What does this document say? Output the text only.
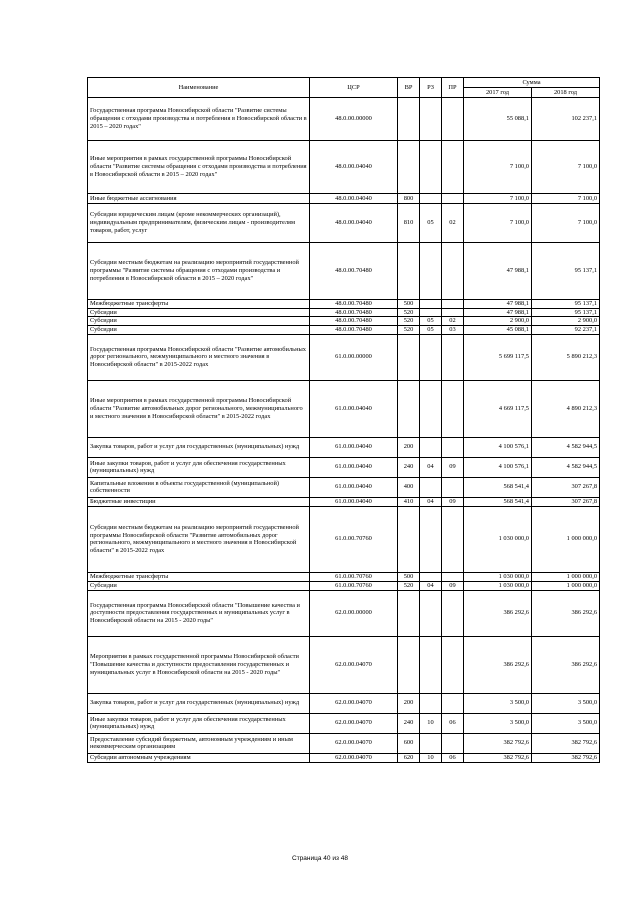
Наименование	ЦСР	ВР	РЗ	ПР	Сумма	
					2017 год	2018 год
Государственная программа Новосибирской области "Развитие системы обращения с отходами производства и потребления в Новосибирской области в 2015 – 2020 годах"	48.0.00.00000				55 088,1	102 237,1
Иные мероприятия в рамках государственной программы Новосибирской области "Развитие системы обращения с отходами производства и потребления в Новосибирской области в 2015 – 2020 годах"	48.0.00.04040				7 100,0	7 100,0
Иные бюджетные ассигнования	48.0.00.04040	800			7 100,0	7 100,0
Субсидии юридическим лицам (кроме некоммерческих организаций), индивидуальным предпринимателям, физическим лицам - производителям товаров, работ, услуг	48.0.00.04040	810	05	02	7 100,0	7 100,0
Субсидии местным бюджетам на реализацию мероприятий государственной программы "Развитие системы обращения с отходами производства и потребления в Новосибирской области в 2015 – 2020 годах"	48.0.00.70480				47 988,1	95 137,1
Межбюджетные трансферты	48.0.00.70480	500			47 988,1	95 137,1
Субсидии	48.0.00.70480	520			47 988,1	95 137,1
Субсидии	48.0.00.70480	520	05	02	2 900,0	2 900,0
Субсидии	48.0.00.70480	520	05	03	45 088,1	92 237,1
Государственная программа Новосибирской области "Развитие автомобильных дорог регионального, межмуниципального и местного значения в Новосибирской области" в 2015-2022 годах	61.0.00.00000				5 699 117,5	5 890 212,3
Иные мероприятия в рамках государственной программы Новосибирской области "Развитие автомобильных дорог регионального, межмуниципального и местного значения в Новосибирской области" в 2015-2022 годах	61.0.00.04040				4 669 117,5	4 890 212,3
Закупка товаров, работ и услуг для государственных (муниципальных) нужд	61.0.00.04040	200			4 100 576,1	4 582 944,5
Иные закупки товаров, работ и услуг для обеспечения государственных (муниципальных) нужд	61.0.00.04040	240	04	09	4 100 576,1	4 582 944,5
Капитальные вложения в объекты государственной (муниципальной) собственности	61.0.00.04040	400			568 541,4	307 267,8
Бюджетные инвестиции	61.0.00.04040	410	04	09	568 541,4	307 267,8
Субсидии местным бюджетам на реализацию мероприятий государственной программы Новосибирской области "Развитие автомобильных дорог регионального, межмуниципального и местного значения в Новосибирской области" в 2015-2022 годах	61.0.00.70760				1 030 000,0	1 000 000,0
Межбюджетные трансферты	61.0.00.70760	500			1 030 000,0	1 000 000,0
Субсидии	61.0.00.70760	520	04	09	1 030 000,0	1 000 000,0
Государственная программа Новосибирской области "Повышение качества и доступности предоставления государственных и муниципальных услуг в Новосибирской области на 2015 - 2020 годы"	62.0.00.00000				386 292,6	386 292,6
Мероприятия в рамках государственной программы Новосибирской области "Повышение качества и доступности предоставления государственных и муниципальных услуг в Новосибирской области на 2015 - 2020 годы"	62.0.00.04070				386 292,6	386 292,6
Закупка товаров, работ и услуг для государственных (муниципальных) нужд	62.0.00.04070	200			3 500,0	3 500,0
Иные закупки товаров, работ и услуг для обеспечения государственных (муниципальных) нужд	62.0.00.04070	240	10	06	3 500,0	3 500,0
Предоставление субсидий бюджетным, автономным учреждениям и иным некоммерческим организациям	62.0.00.04070	600			382 792,6	382 792,6
Субсидии автономным учреждениям	62.0.00.04070	620	10	06	382 792,6	382 792,6
Страница 40 из 48
